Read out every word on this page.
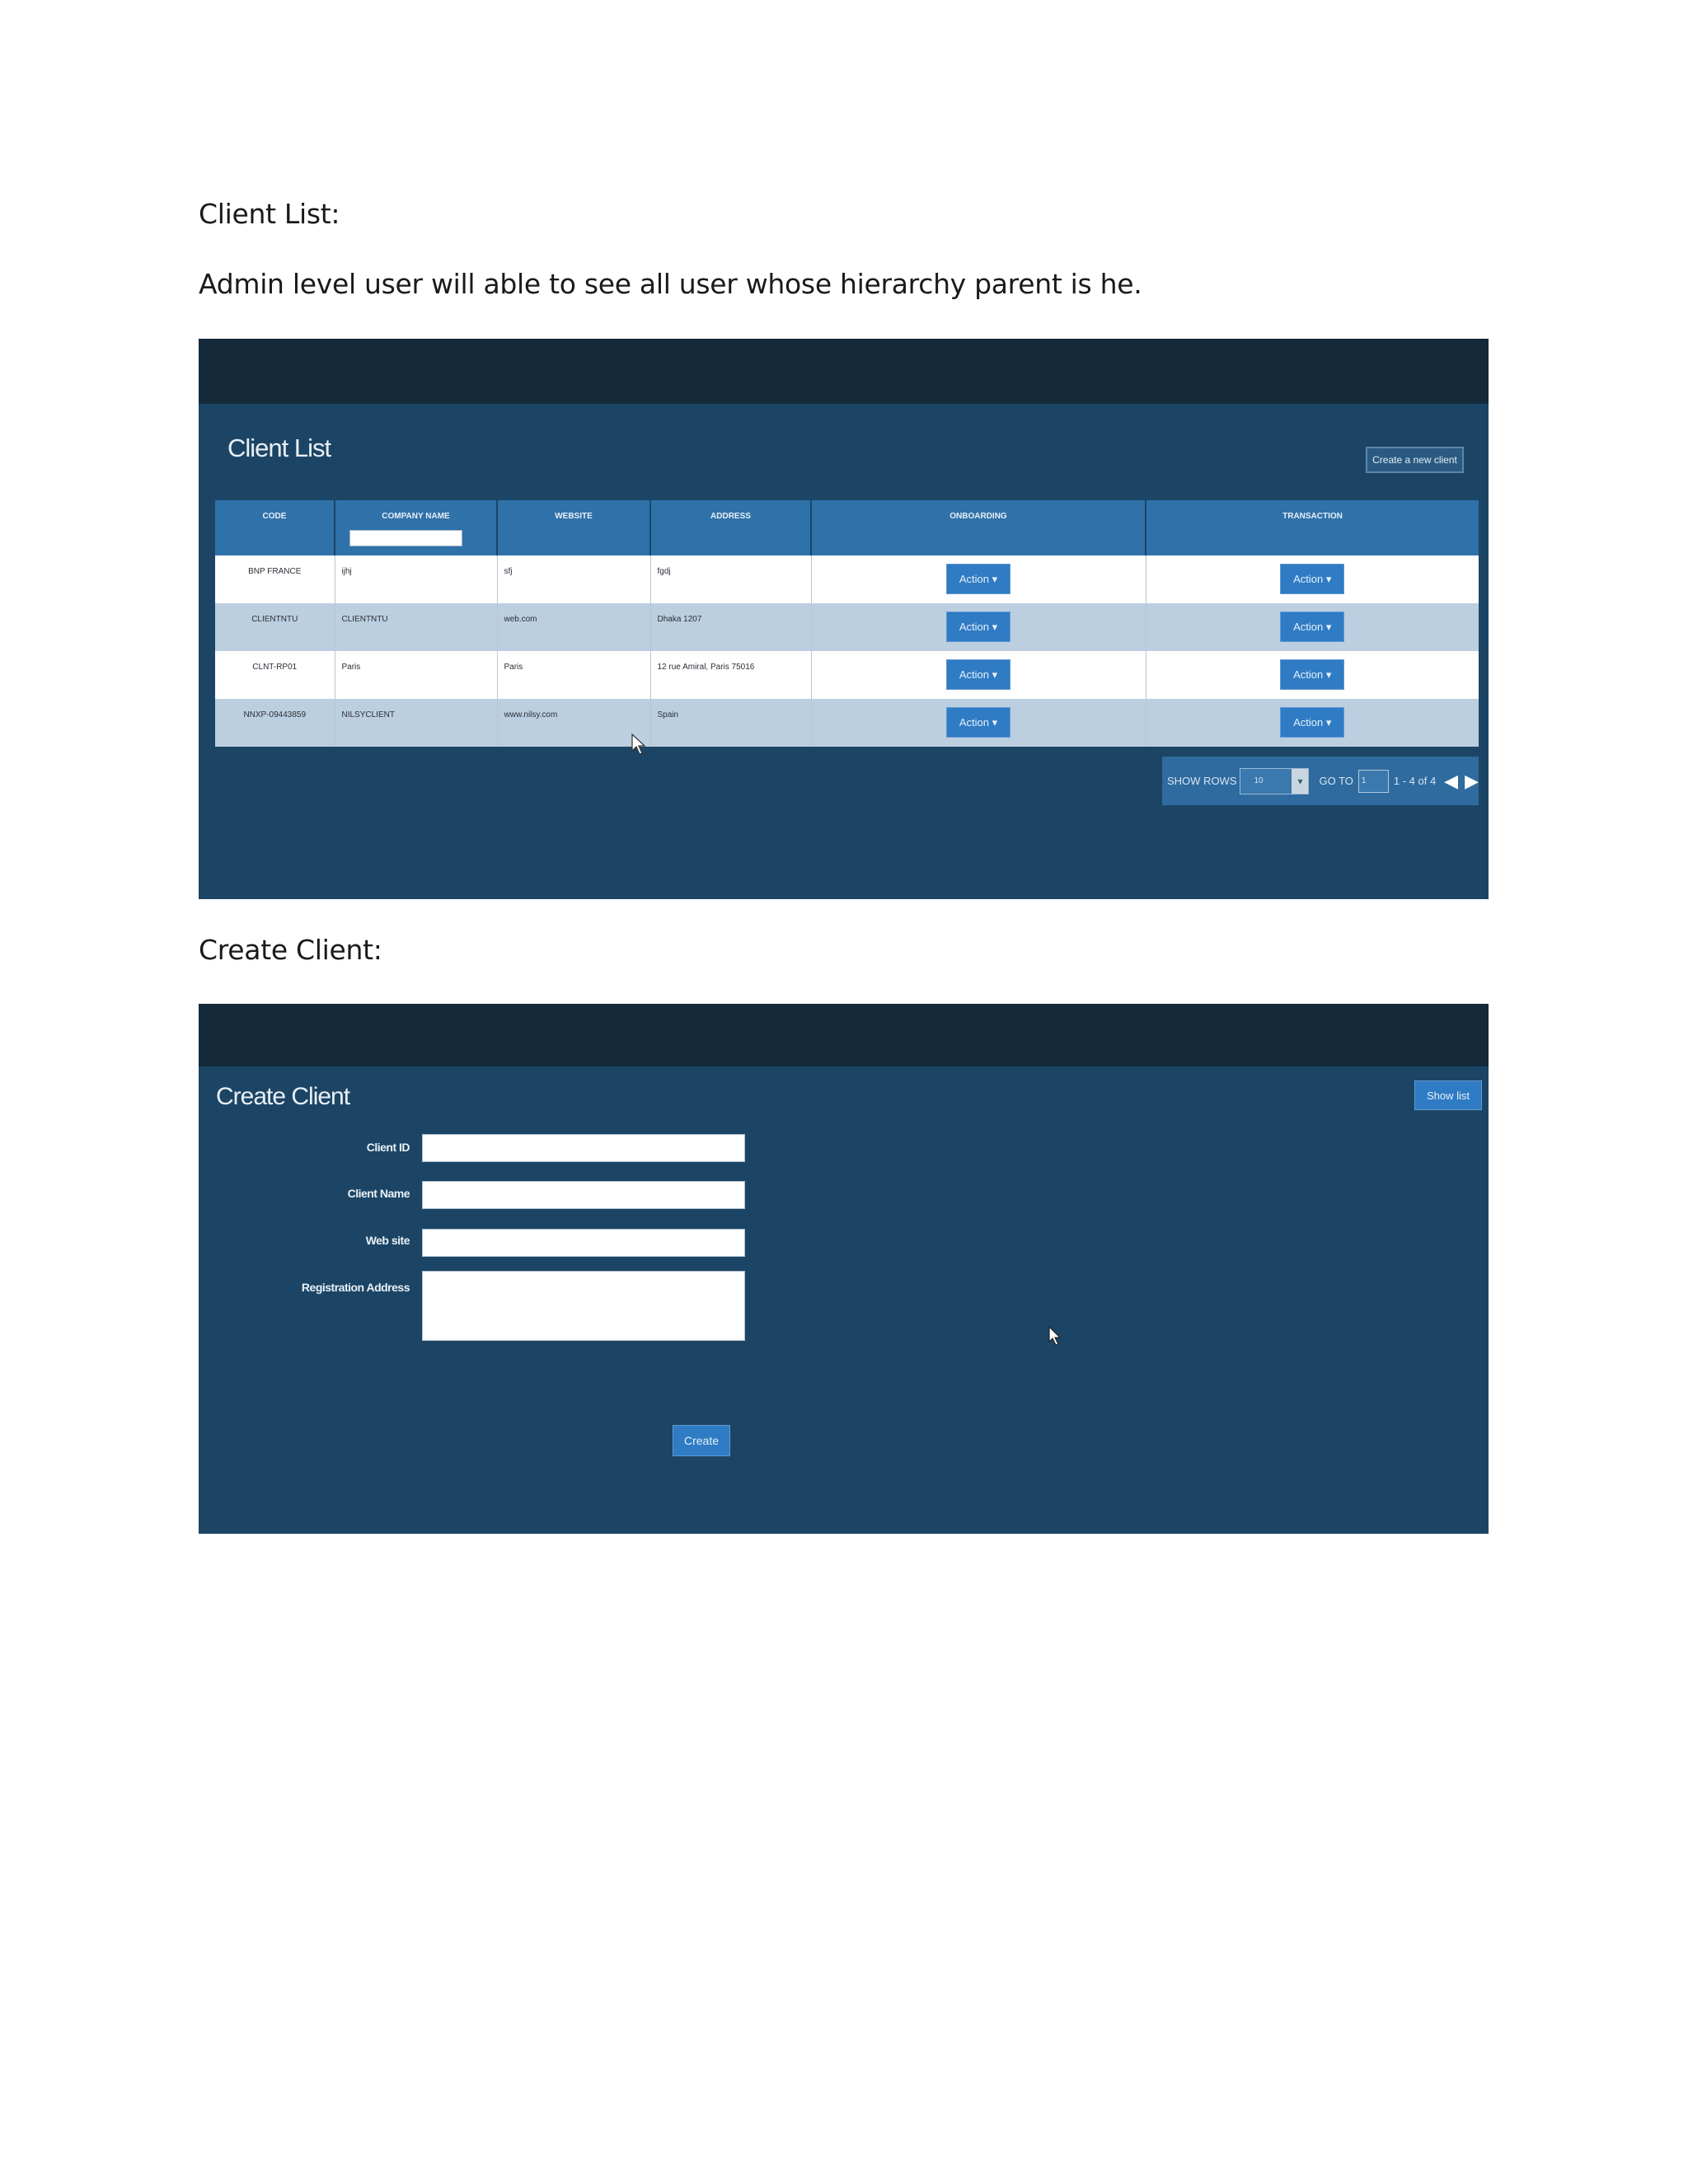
Client List:
Admin level user will able to see all user whose hierarchy parent is he.
Client List	Create a new client
CODE	COMPANY NAME	WEBSITE	ADDRESS	ONBOARDING	TRANSACTION
BNP FRANCE	ijhj	sfj	fgdj	Action ▾	Action ▾
CLIENTNTU	CLIENTNTU	web.com	Dhaka 1207	Action ▾	Action ▾
CLNT-RP01	Paris	Paris	12 rue Amiral, Paris 75016	Action ▾	Action ▾
NNXP-09443859	NILSYCLIENT	www.nilsy.com	Spain	Action ▾	Action ▾
SHOW ROWS 10	▾	GO TO 1	1 - 4 of 4 ◀ ▶
Create Client:
Create Client	Show list
Client ID
Client Name
Web site
Registration Address
Create
